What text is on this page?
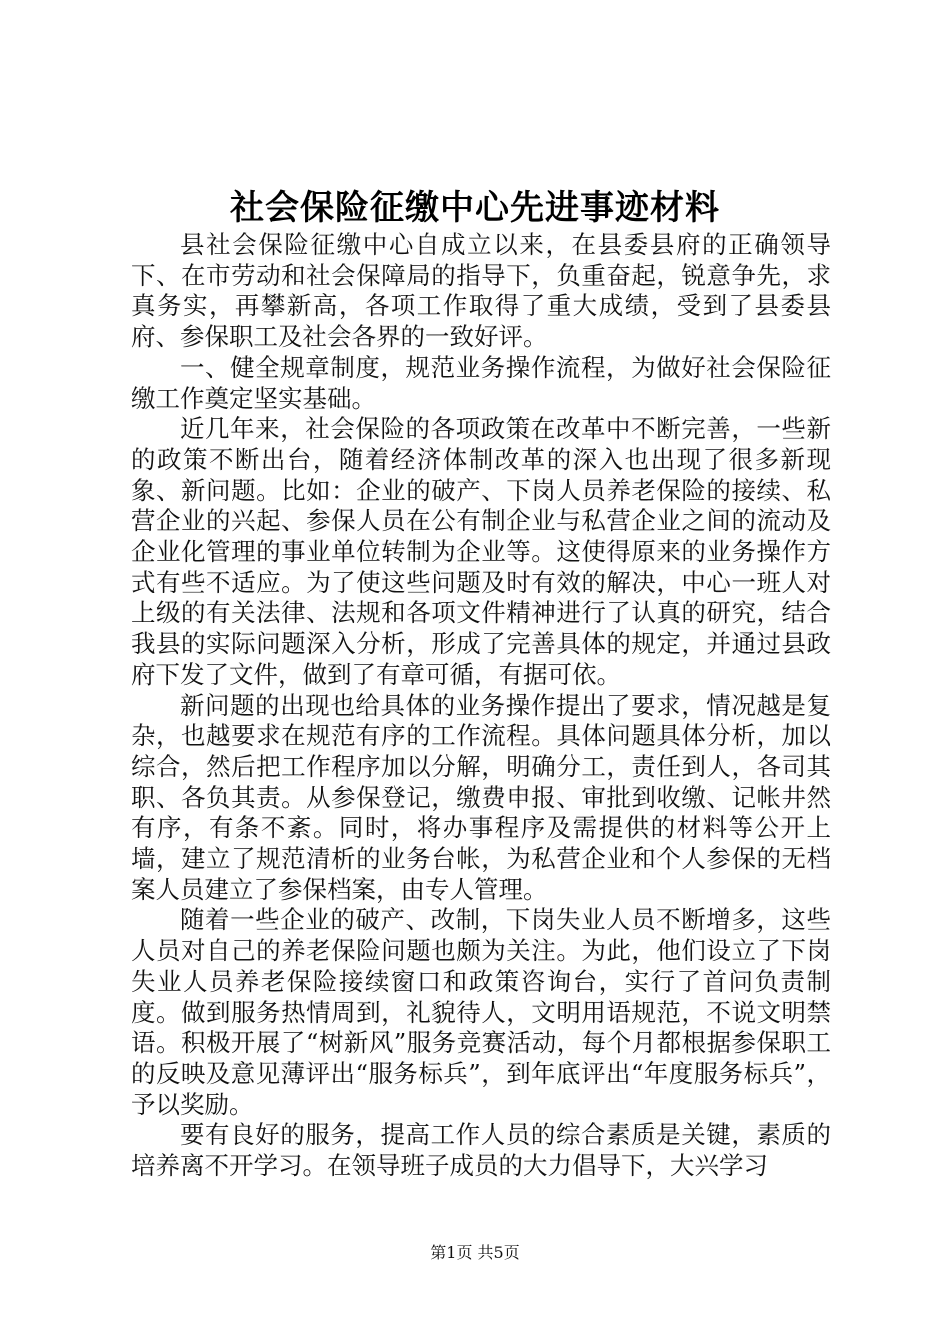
社会保险征缴中心先进事迹材料

县社会保险征缴中心自成立以来，在县委县府的正确领导下、在市劳动和社会保障局的指导下，负重奋起，锐意争先，求真务实，再攀新高，各项工作取得了重大成绩，受到了县委县府、参保职工及社会各界的一致好评。

一、健全规章制度，规范业务操作流程，为做好社会保险征缴工作奠定坚实基础。

近几年来，社会保险的各项政策在改革中不断完善，一些新的政策不断出台，随着经济体制改革的深入也出现了很多新现象、新问题。比如：企业的破产、下岗人员养老保险的接续、私营企业的兴起、参保人员在公有制企业与私营企业之间的流动及企业化管理的事业单位转制为企业等。这使得原来的业务操作方式有些不适应。为了使这些问题及时有效的解决，中心一班人对上级的有关法律、法规和各项文件精神进行了认真的研究，结合我县的实际问题深入分析，形成了完善具体的规定，并通过县政府下发了文件，做到了有章可循，有据可依。

新问题的出现也给具体的业务操作提出了要求，情况越是复杂，也越要求在规范有序的工作流程。具体问题具体分析，加以综合，然后把工作程序加以分解，明确分工，责任到人，各司其职、各负其责。从参保登记，缴费申报、审批到收缴、记帐井然有序，有条不紊。同时，将办事程序及需提供的材料等公开上墙，建立了规范清析的业务台帐，为私营企业和个人参保的无档案人员建立了参保档案，由专人管理。

随着一些企业的破产、改制，下岗失业人员不断增多，这些人员对自己的养老保险问题也颇为关注。为此，他们设立了下岗失业人员养老保险接续窗口和政策咨询台，实行了首问负责制度。做到服务热情周到，礼貌待人，文明用语规范，不说文明禁语。积极开展了“树新风”服务竞赛活动，每个月都根据参保职工的反映及意见薄评出“服务标兵”，到年底评出“年度服务标兵”，予以奖励。

要有良好的服务，提高工作人员的综合素质是关键，素质的培养离不开学习。在领导班子成员的大力倡导下，大兴学习

第1页 共5页
